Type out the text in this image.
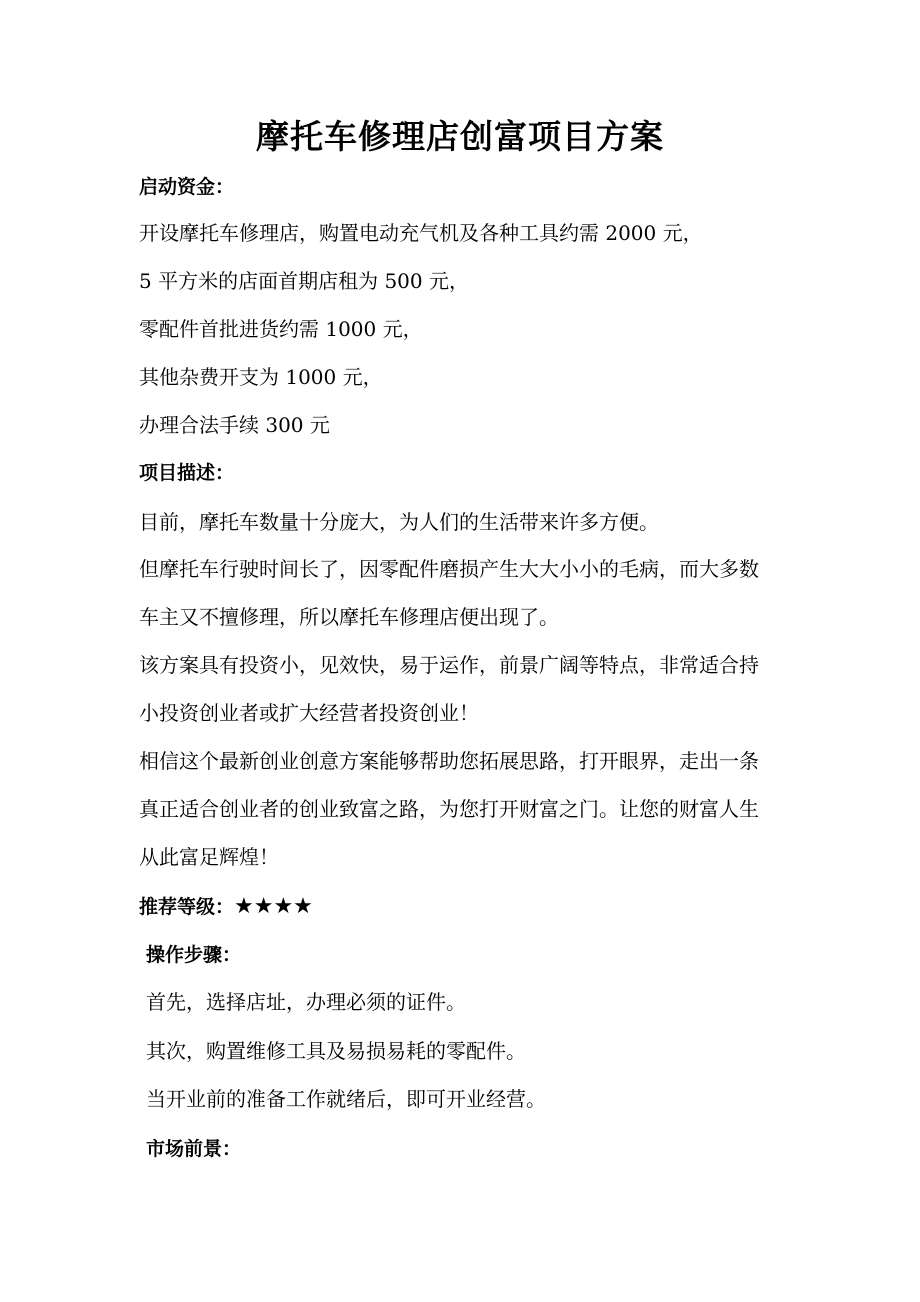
摩托车修理店创富项目方案
启动资金：
开设摩托车修理店，购置电动充气机及各种工具约需 2000 元，
5 平方米的店面首期店租为 500 元，
零配件首批进货约需 1000 元，
其他杂费开支为 1000 元，
办理合法手续 300 元
项目描述：
目前，摩托车数量十分庞大，为人们的生活带来许多方便。
但摩托车行驶时间长了，因零配件磨损产生大大小小的毛病，而大多数
车主又不擅修理，所以摩托车修理店便出现了。
该方案具有投资小，见效快，易于运作，前景广阔等特点，非常适合持
小投资创业者或扩大经营者投资创业！
相信这个最新创业创意方案能够帮助您拓展思路，打开眼界，走出一条
真正适合创业者的创业致富之路，为您打开财富之门。让您的财富人生
从此富足辉煌！
推荐等级：★★★★
操作步骤：
首先，选择店址，办理必须的证件。
其次，购置维修工具及易损易耗的零配件。
当开业前的准备工作就绪后，即可开业经营。
市场前景：
